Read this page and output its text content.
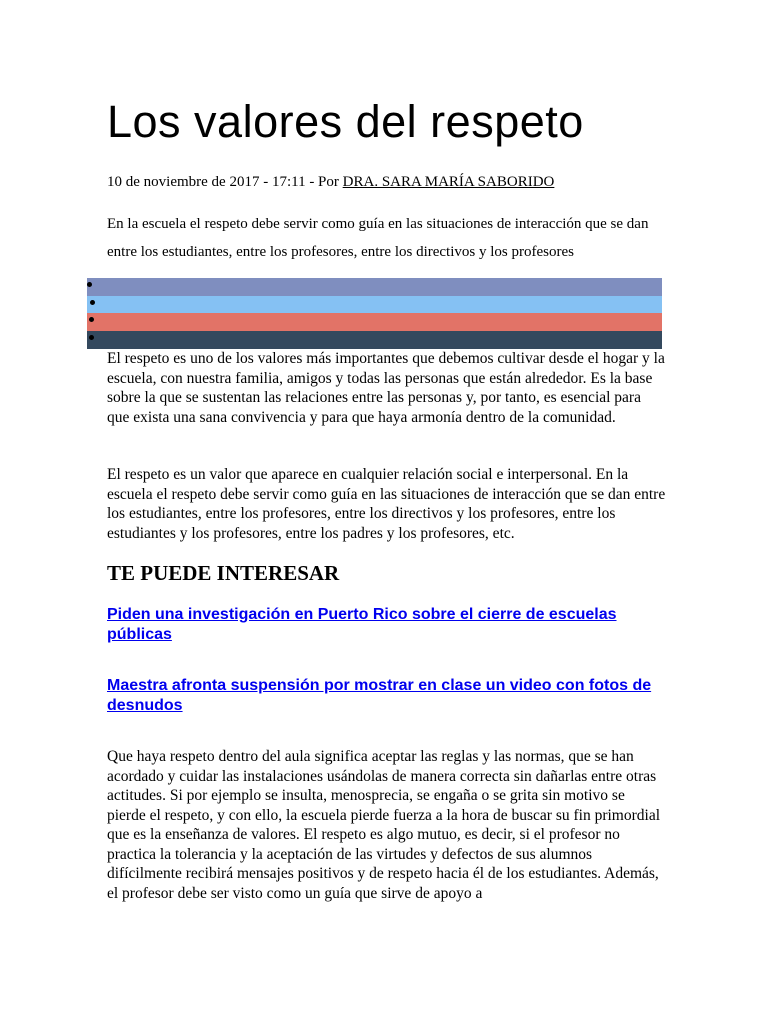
Los valores del respeto
10 de noviembre de 2017 - 17:11 - Por DRA. SARA MARÍA SABORIDO

En la escuela el respeto debe servir como guía en las situaciones de interacción que se dan entre los estudiantes, entre los profesores, entre los directivos y los profesores

El respeto es uno de los valores más importantes que debemos cultivar desde el hogar y la escuela, con nuestra familia, amigos y todas las personas que están alrededor. Es la base sobre la que se sustentan las relaciones entre las personas y, por tanto, es esencial para que exista una sana convivencia y para que haya armonía dentro de la comunidad.

El respeto es un valor que aparece en cualquier relación social e interpersonal. En la escuela el respeto debe servir como guía en las situaciones de interacción que se dan entre los estudiantes, entre los profesores, entre los directivos y los profesores, entre los estudiantes y los profesores, entre los padres y los profesores, etc.

TE PUEDE INTERESAR
Piden una investigación en Puerto Rico sobre el cierre de escuelas públicas
Maestra afronta suspensión por mostrar en clase un video con fotos de desnudos

Que haya respeto dentro del aula significa aceptar las reglas y las normas, que se han acordado y cuidar las instalaciones usándolas de manera correcta sin dañarlas entre otras actitudes. Si por ejemplo se insulta, menosprecia, se engaña o se grita sin motivo se pierde el respeto, y con ello, la escuela pierde fuerza a la hora de buscar su fin primordial que es la enseñanza de valores. El respeto es algo mutuo, es decir, si el profesor no practica la tolerancia y la aceptación de las virtudes y defectos de sus alumnos difícilmente recibirá mensajes positivos y de respeto hacia él de los estudiantes. Además, el profesor debe ser visto como un guía que sirve de apoyo a
